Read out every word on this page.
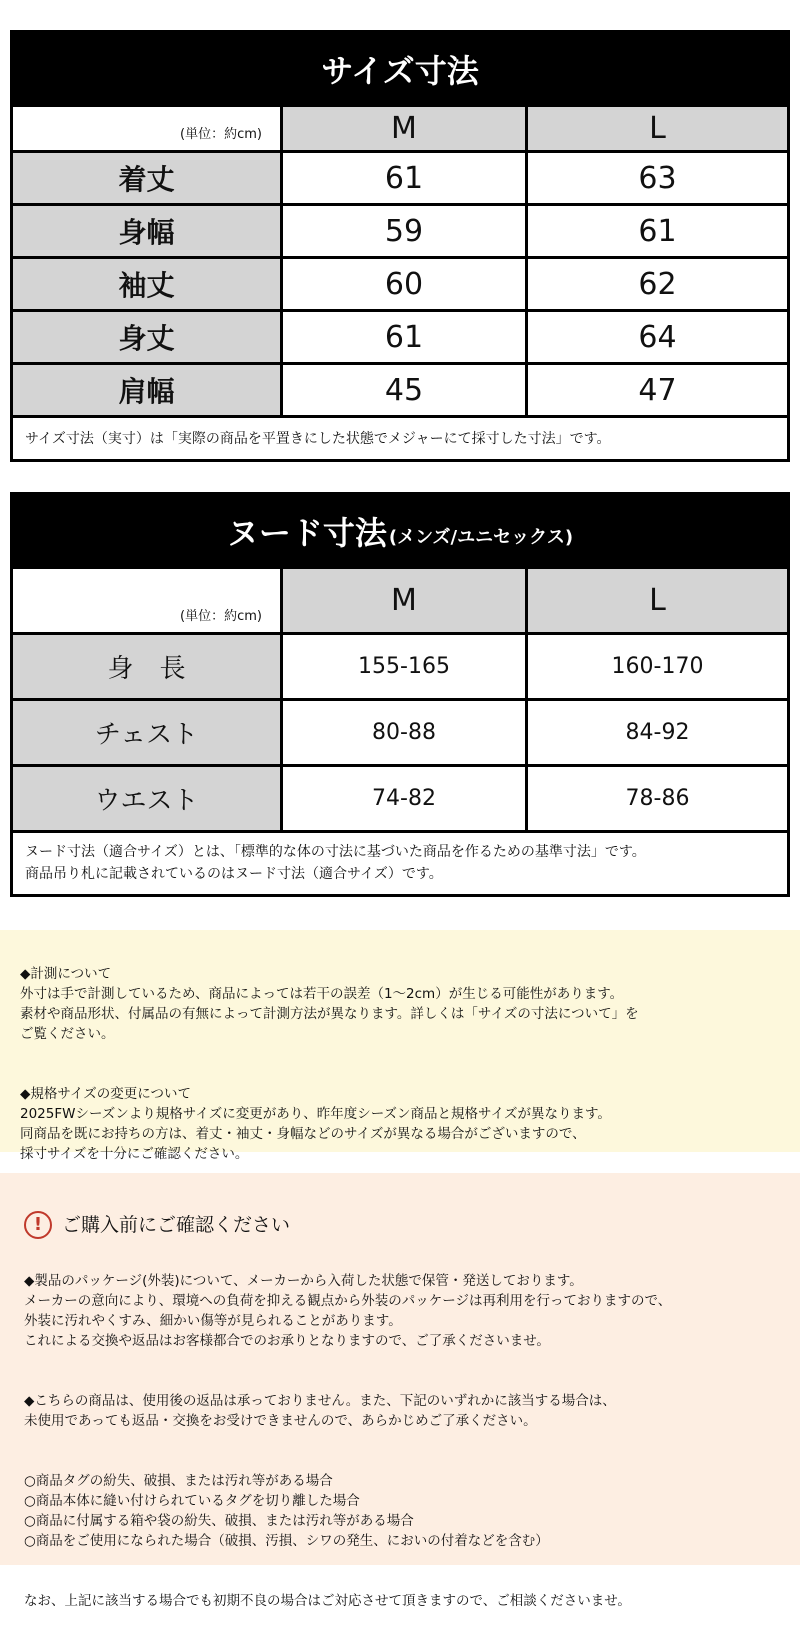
サイズ寸法
(単位：約cm)	M	L
着丈	61	63
身幅	59	61
袖丈	60	62
身丈	61	64
肩幅	45	47
サイズ寸法（実寸）は「実際の商品を平置きにした状態でメジャーにて採寸した寸法」です。
ヌード寸法 (メンズ/ユニセックス)
(単位：約cm)	M	L
身　長	155-165	160-170
チェスト	80-88	84-92
ウエスト	74-82	78-86
ヌード寸法（適合サイズ）とは、「標準的な体の寸法に基づいた商品を作るための基準寸法」です。
商品吊り札に記載されているのはヌード寸法（適合サイズ）です。

◆計測について
外寸は手で計測しているため、商品によっては若干の誤差（1〜2cm）が生じる可能性があります。
素材や商品形状、付属品の有無によって計測方法が異なります。詳しくは「サイズの寸法について」を
ご覧ください。

◆規格サイズの変更について
2025FWシーズンより規格サイズに変更があり、昨年度シーズン商品と規格サイズが異なります。
同商品を既にお持ちの方は、着丈・袖丈・身幅などのサイズが異なる場合がございますので、
採寸サイズを十分にご確認ください。

!	ご購入前にご確認ください

◆製品のパッケージ(外装)について、メーカーから入荷した状態で保管・発送しております。
メーカーの意向により、環境への負荷を抑える観点から外装のパッケージは再利用を行っておりますので、
外装に汚れやくすみ、細かい傷等が見られることがあります。
これによる交換や返品はお客様都合でのお承りとなりますので、ご了承くださいませ。

◆こちらの商品は、使用後の返品は承っておりません。また、下記のいずれかに該当する場合は、
未使用であっても返品・交換をお受けできませんので、あらかじめご了承ください。

○商品タグの紛失、破損、または汚れ等がある場合
○商品本体に縫い付けられているタグを切り離した場合
○商品に付属する箱や袋の紛失、破損、または汚れ等がある場合
○商品をご使用になられた場合（破損、汚損、シワの発生、においの付着などを含む）

なお、上記に該当する場合でも初期不良の場合はご対応させて頂きますので、ご相談くださいませ。
